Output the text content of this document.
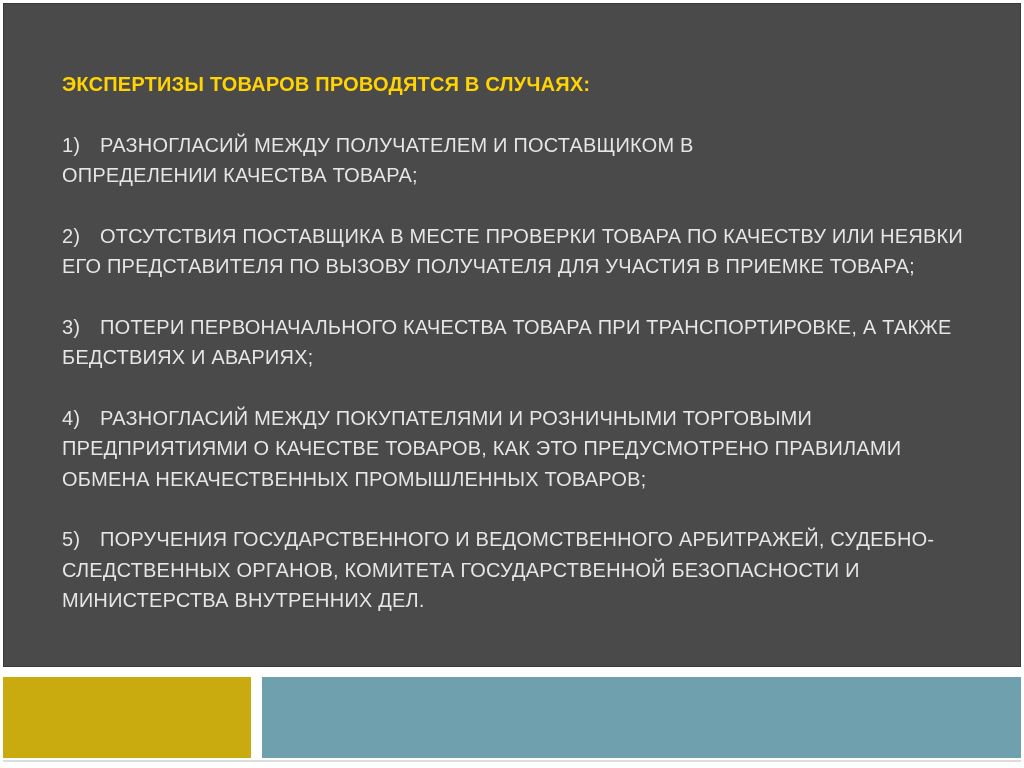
ЭКСПЕРТИЗЫ ТОВАРОВ ПРОВОДЯТСЯ В СЛУЧАЯХ:
1) РАЗНОГЛАСИЙ МЕЖДУ ПОЛУЧАТЕЛЕМ И ПОСТАВЩИКОМ В
ОПРЕДЕЛЕНИИ КАЧЕСТВА ТОВАРА;
2) ОТСУТСТВИЯ ПОСТАВЩИКА В МЕСТЕ ПРОВЕРКИ ТОВАРА ПО КАЧЕСТВУ ИЛИ НЕЯВКИ
ЕГО ПРЕДСТАВИТЕЛЯ ПО ВЫЗОВУ ПОЛУЧАТЕЛЯ ДЛЯ УЧАСТИЯ В ПРИЕМКЕ ТОВАРА;
3) ПОТЕРИ ПЕРВОНАЧАЛЬНОГО КАЧЕСТВА ТОВАРА ПРИ ТРАНСПОРТИРОВКЕ, А ТАКЖЕ
БЕДСТВИЯХ И АВАРИЯХ;
4) РАЗНОГЛАСИЙ МЕЖДУ ПОКУПАТЕЛЯМИ И РОЗНИЧНЫМИ ТОРГОВЫМИ
ПРЕДПРИЯТИЯМИ О КАЧЕСТВЕ ТОВАРОВ, КАК ЭТО ПРЕДУСМОТРЕНО ПРАВИЛАМИ
ОБМЕНА НЕКАЧЕСТВЕННЫХ ПРОМЫШЛЕННЫХ ТОВАРОВ;
5) ПОРУЧЕНИЯ ГОСУДАРСТВЕННОГО И ВЕДОМСТВЕННОГО АРБИТРАЖЕЙ, СУДЕБНО-
СЛЕДСТВЕННЫХ ОРГАНОВ, КОМИТЕТА ГОСУДАРСТВЕННОЙ БЕЗОПАСНОСТИ И
МИНИСТЕРСТВА ВНУТРЕННИХ ДЕЛ.
